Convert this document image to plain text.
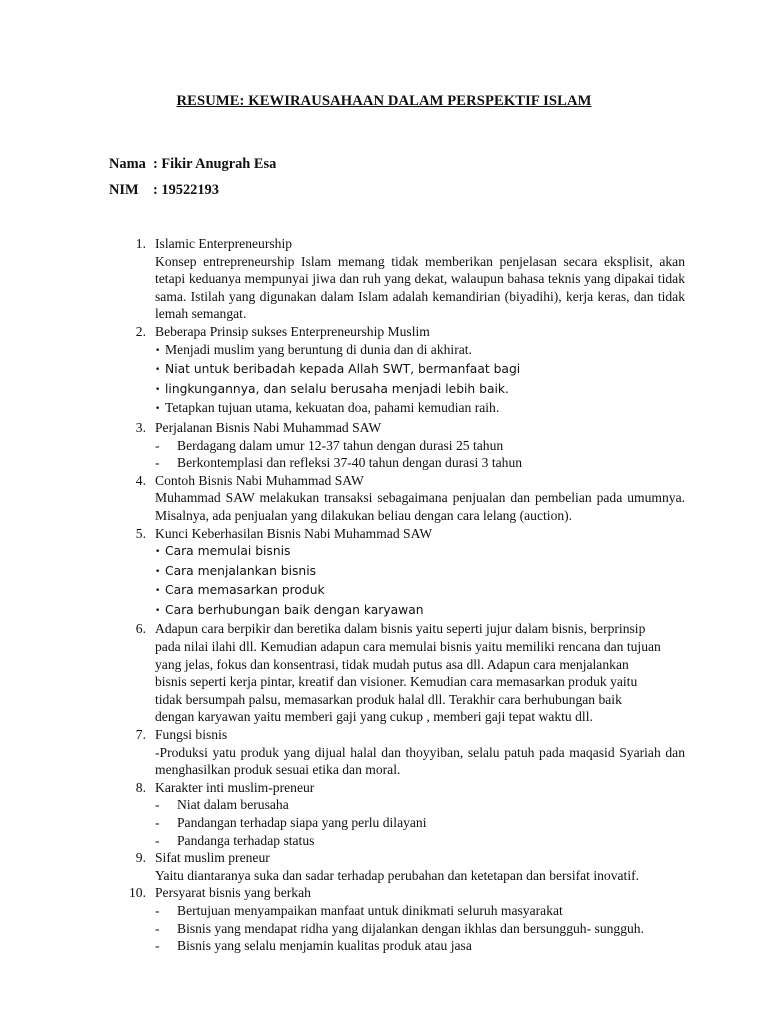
RESUME: KEWIRAUSAHAAN DALAM PERSPEKTIF ISLAM
Nama : Fikir Anugrah Esa
NIM : 19522193
1. Islamic Enterpreneurship
Konsep entrepreneurship Islam memang tidak memberikan penjelasan secara eksplisit, akan tetapi keduanya mempunyai jiwa dan ruh yang dekat, walaupun bahasa teknis yang dipakai tidak sama. Istilah yang digunakan dalam Islam adalah kemandirian (biyadihi), kerja keras, dan tidak lemah semangat.
2. Beberapa Prinsip sukses Enterpreneurship Muslim
• Menjadi muslim yang beruntung di dunia dan di akhirat.
• Niat untuk beribadah kepada Allah SWT, bermanfaat bagi
• lingkungannya, dan selalu berusaha menjadi lebih baik.
• Tetapkan tujuan utama, kekuatan doa, pahami kemudian raih.
3. Perjalanan Bisnis Nabi Muhammad SAW
- Berdagang dalam umur 12-37 tahun dengan durasi 25 tahun
- Berkontemplasi dan refleksi 37-40 tahun dengan durasi 3 tahun
4. Contoh Bisnis Nabi Muhammad SAW
Muhammad SAW melakukan transaksi sebagaimana penjualan dan pembelian pada umumnya. Misalnya, ada penjualan yang dilakukan beliau dengan cara lelang (auction).
5. Kunci Keberhasilan Bisnis Nabi Muhammad SAW
• Cara memulai bisnis
• Cara menjalankan bisnis
• Cara memasarkan produk
• Cara berhubungan baik dengan karyawan
6. Adapun cara berpikir dan beretika dalam bisnis yaitu seperti jujur dalam bisnis, berprinsip
pada nilai ilahi dll. Kemudian adapun cara memulai bisnis yaitu memiliki rencana dan tujuan
yang jelas, fokus dan konsentrasi, tidak mudah putus asa dll. Adapun cara menjalankan
bisnis seperti kerja pintar, kreatif dan visioner. Kemudian cara memasarkan produk yaitu
tidak bersumpah palsu, memasarkan produk halal dll. Terakhir cara berhubungan baik
dengan karyawan yaitu memberi gaji yang cukup , memberi gaji tepat waktu dll.
7. Fungsi bisnis
-Produksi yatu produk yang dijual halal dan thoyyiban, selalu patuh pada maqasid Syariah dan menghasilkan produk sesuai etika dan moral.
8. Karakter inti muslim-preneur
- Niat dalam berusaha
- Pandangan terhadap siapa yang perlu dilayani
- Pandanga terhadap status
9. Sifat muslim preneur
Yaitu diantaranya suka dan sadar terhadap perubahan dan ketetapan dan bersifat inovatif.
10. Persyarat bisnis yang berkah
- Bertujuan menyampaikan manfaat untuk dinikmati seluruh masyarakat
- Bisnis yang mendapat ridha yang dijalankan dengan ikhlas dan bersungguh- sungguh.
- Bisnis yang selalu menjamin kualitas produk atau jasa
